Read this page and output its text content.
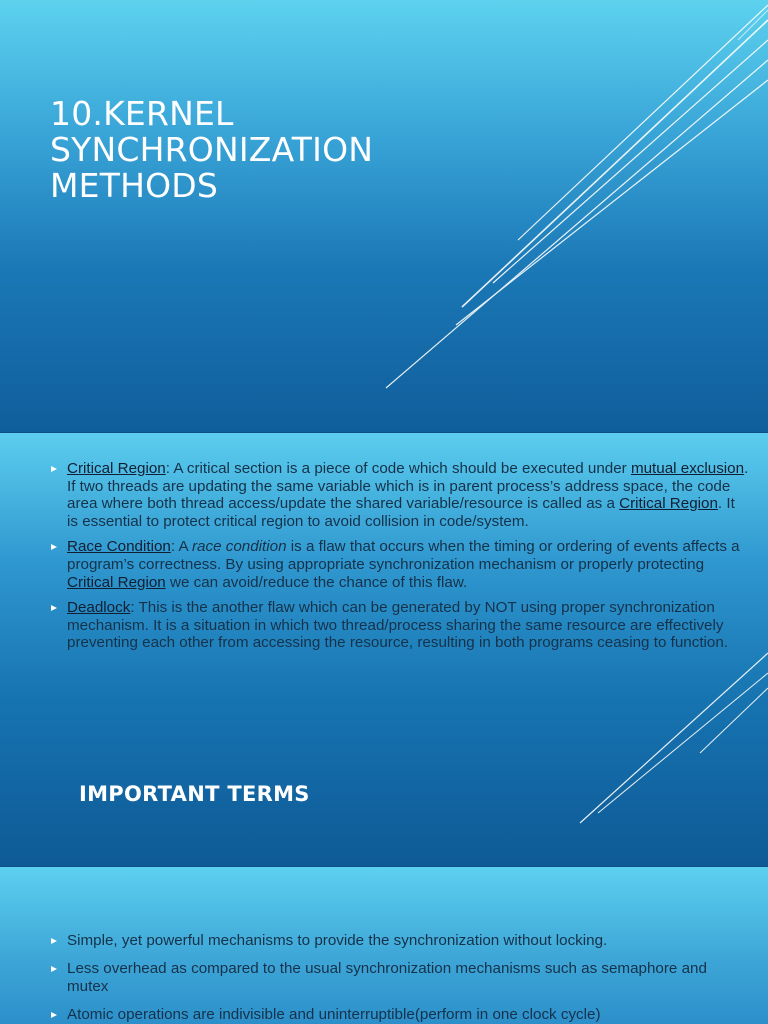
10.KERNEL
SYNCHRONIZATION
METHODS
Critical Region: A critical section is a piece of code which should be executed under mutual exclusion. If two threads are updating the same variable which is in parent process’s address space, the code area where both thread access/update the shared variable/resource is called as a Critical Region. It is essential to protect critical region to avoid collision in code/system.
Race Condition: A race condition is a flaw that occurs when the timing or ordering of events affects a program’s correctness. By using appropriate synchronization mechanism or properly protecting Critical Region we can avoid/reduce the chance of this flaw.
Deadlock: This is the another flaw which can be generated by NOT using proper synchronization mechanism. It is a situation in which two thread/process sharing the same resource are effectively preventing each other from accessing the resource, resulting in both programs ceasing to function.
IMPORTANT TERMS
Simple, yet powerful mechanisms to provide the synchronization without locking.
Less overhead as compared to the usual synchronization mechanisms such as semaphore and mutex
Atomic operations are indivisible and uninterruptible(perform in one clock cycle)
